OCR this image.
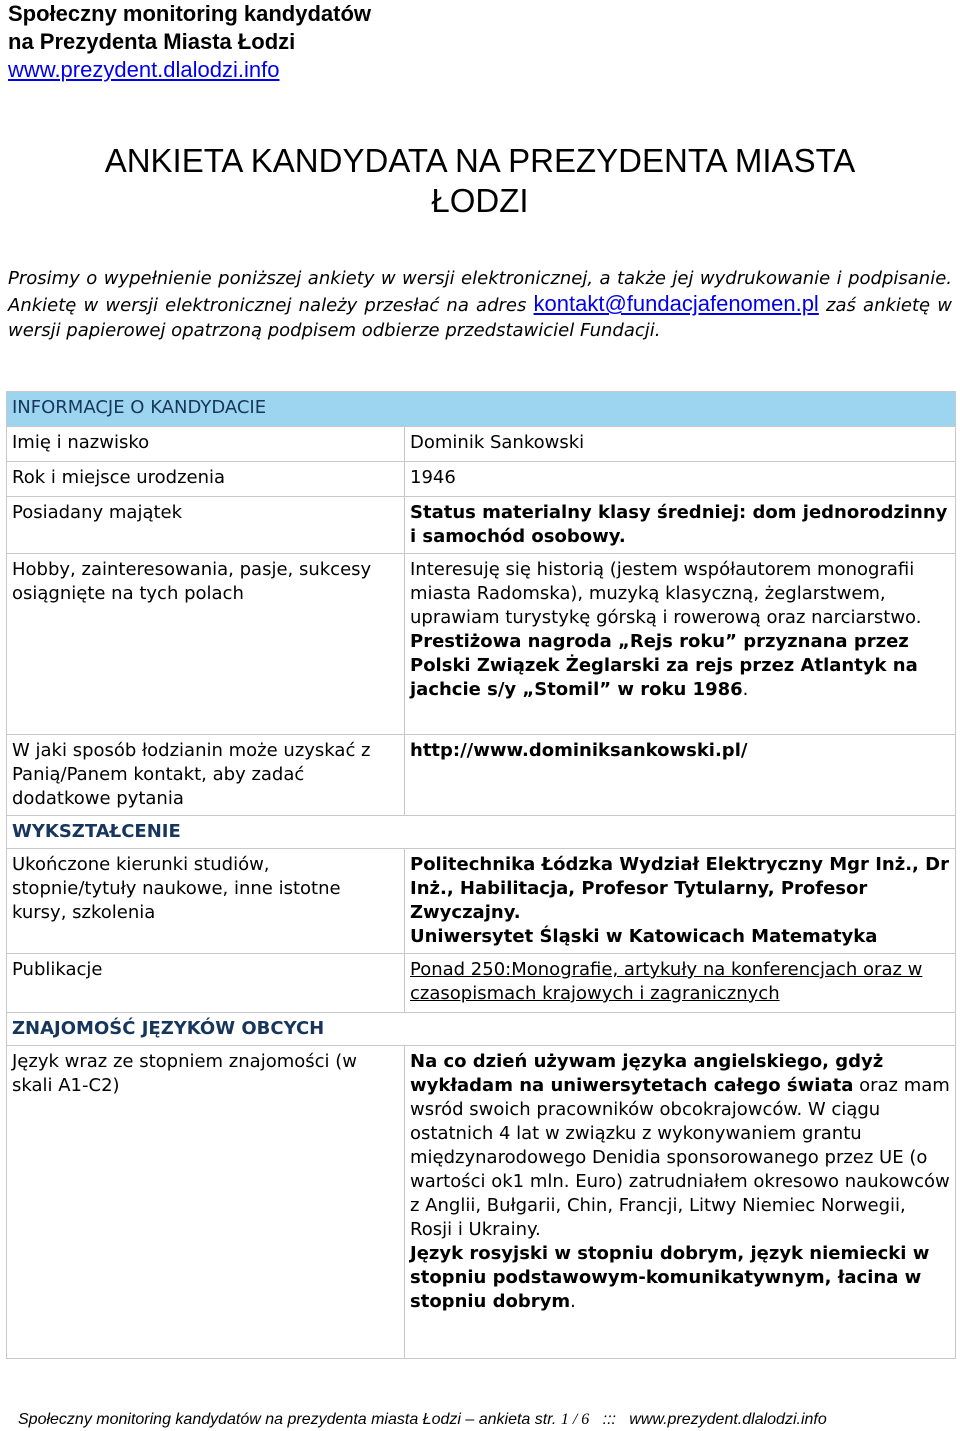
Społeczny monitoring kandydatów

na Prezydenta Miasta Łodzi

www.prezydent.dlalodzi.info
ANKIETA KANDYDATA NA PREZYDENTA MIASTA
ŁODZI

Prosimy o wypełnienie poniższej ankiety w wersji elektronicznej, a także jej wydrukowanie i podpisanie. Ankietę w wersji elektronicznej należy przesłać na adres kontakt@fundacjafenomen.pl zaś ankietę w wersji papierowej opatrzoną podpisem odbierze przedstawiciel Fundacji.

INFORMACJE O KANDYDACIE	
Imię i nazwisko	Dominik Sankowski
Rok i miejsce urodzenia	1946
Posiadany majątek	Status materialny klasy średniej: dom jednorodzinny i samochód osobowy.
Hobby, zainteresowania, pasje, sukcesy osiągnięte na tych polach	Interesuję się historią (jestem współautorem monografii miasta Radomska), muzyką klasyczną, żeglarstwem, uprawiam turystykę górską i rowerową oraz narciarstwo. Prestiżowa nagroda „Rejs roku” przyznana przez Polski Związek Żeglarski za rejs przez Atlantyk na jachcie s/y „Stomil” w roku 1986.
W jaki sposób łodzianin może uzyskać z Panią/Panem kontakt, aby zadać dodatkowe pytania	http://www.dominiksankowski.pl/
WYKSZTAŁCENIE	
Ukończone kierunki studiów, stopnie/tytuły naukowe, inne istotne kursy, szkolenia	Politechnika Łódzka Wydział Elektryczny Mgr Inż., Dr Inż., Habilitacja, Profesor Tytularny, Profesor Zwyczajny.
Uniwersytet Śląski w Katowicach Matematyka
Publikacje	Ponad 250:Monografie, artykuły na konferencjach oraz w czasopismach krajowych i zagranicznych
ZNAJOMOŚĆ JĘZYKÓW OBCYCH	
Język wraz ze stopniem znajomości (w skali A1-C2)	Na co dzień używam języka angielskiego, gdyż wykładam na uniwersytetach całego świata oraz mam wsród swoich pracowników obcokrajowców. W ciągu ostatnich 4 lat w związku z wykonywaniem grantu międzynarodowego Denidia sponsorowanego przez UE (o wartości ok1 mln. Euro) zatrudniałem okresowo naukowców z Anglii, Bułgarii, Chin, Francji, Litwy Niemiec Norwegii, Rosji i Ukrainy.
Język rosyjski w stopniu dobrym, język niemiecki w stopniu podstawowym-komunikatywnym, łacina w stopniu dobrym.
Społeczny monitoring kandydatów na prezydenta miasta Łodzi – ankieta str. 1 / 6   :::   www.prezydent.dlalodzi.info
